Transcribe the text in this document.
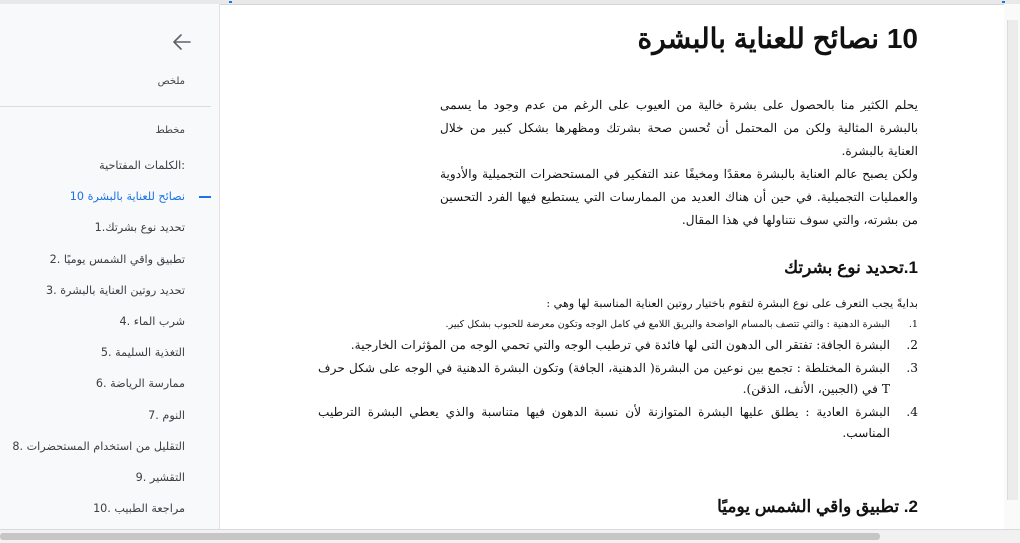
ملخص
مخطط
الكلمات المفتاحية:
10 نصائح للعناية بالبشرة
1.تحديد نوع بشرتك
2. تطبيق واقي الشمس يوميًا
3. تحديد روتين العناية بالبشرة
4. شرب الماء
5. التغذية السليمة
6. ممارسة الرياضة
7. النوم
8. التقليل من استخدام المستحضرات
9. التقشير
10. مراجعة الطبيب
10 نصائح للعناية بالبشرة

يحلم الكثير منا بالحصول على بشرة خالية من العيوب على الرغم من عدم وجود ما يسمى بالبشرة المثالية ولكن من المحتمل أن تُحسن صحة بشرتك ومظهرها بشكل كبير من خلال العناية بالبشرة.
ولكن يصبح عالم العناية بالبشرة معقدًا ومخيفًا عند التفكير في المستحضرات التجميلية والأدوية والعمليات التجميلية. في حين أن هناك العديد من الممارسات التي يستطيع فيها الفرد التحسين من بشرته، والتي سوف نتناولها في هذا المقال.

1.تحديد نوع بشرتك

بدايةً يجب التعرف على نوع البشرة لتقوم باختيار روتين العناية المناسبة لها وهي :

1.
البشرة الدهنية : والتي تتصف بالمسام الواضحة والبريق اللامع في كامل الوجه وتكون معرضة للحبوب بشكل كبير.
2.
البشرة الجافة: تفتقر الى الدهون التى لها فائدة في ترطيب الوجه والتي تحمي الوجه من المؤثرات الخارجية.
3.
البشرة المختلطة : تجمع بين نوعين من البشرة( الدهنية، الجافة) وتكون البشرة الدهنية في الوجه على شكل حرف T في (الجبين، الأنف، الذقن).
4.
البشرة العادية : يطلق عليها البشرة المتوازنة لأن نسبة الدهون فيها متناسبة والذي يعطي البشرة الترطيب المناسب.
2. تطبيق واقي الشمس يوميًا
